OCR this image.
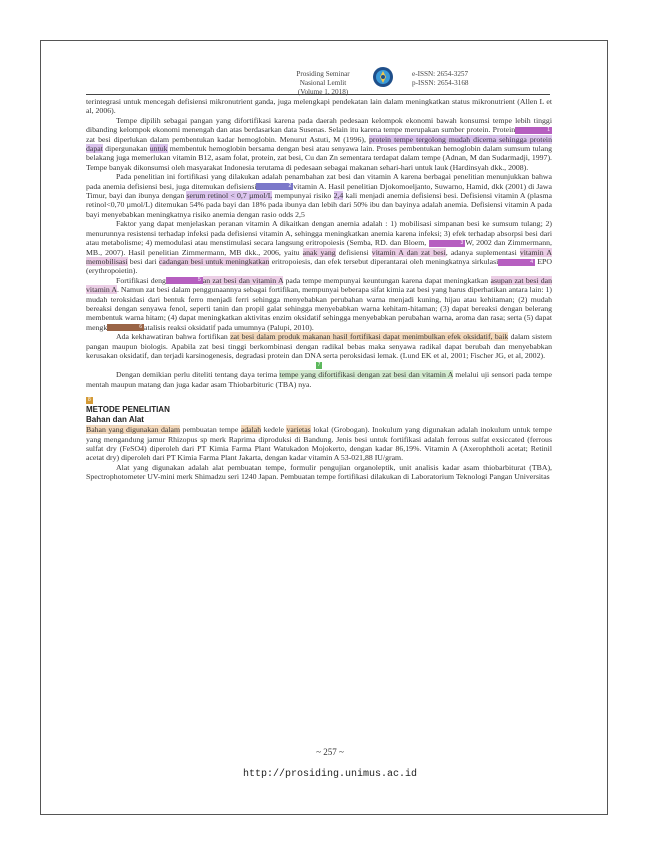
Prosiding Seminar Nasional Lemlit
(Volume 1, 2018)
e-ISSN: 2654-3257
p-ISSN: 2654-3168

terintegrasi untuk mencegah defisiensi mikronutrient ganda, juga melengkapi pendekatan lain dalam meningkatkan status mikronutrient (Allen L et al, 2006).

Tempe dipilih sebagai pangan yang difortifikasi karena pada daerah pedesaan kelompok ekonomi bawah konsumsi tempe lebih tinggi dibanding kelompok ekonomi menengah dan atas berdasarkan data Susenas. Selain itu karena tempe merupakan sumber protein. Protein	1zat besi diperlukan dalam pembentukan kadar hemoglobin. Menurut Astuti, M (1996), protein tempe tergolong mudah dicerna sehingga protein dapat dipergunakan untuk membentuk hemoglobin bersama dengan besi atau senyawa lain. Proses pembentukan hemoglobin dalam sumsum tulang belakang juga memerlukan vitamin B12, asam folat, protein, zat besi, Cu dan Zn sementara terdapat dalam tempe (Adnan, M dan Sudarmadji, 1997). Tempe banyak dikonsumsi oleh masyarakat Indonesia terutama di pedesaan sebagai makanan sehari-hari untuk lauk (Hardinsyah dkk., 2008).

Pada penelitian ini fortifikasi yang dilakukan adalah penambahan zat besi dan vitamin A karena berbagai penelitian menunjukkan bahwa pada anemia defisiensi besi, juga ditemukan defisiensi	2 vitamin A. Hasil penelitian Djokomoeljanto, Suwarno, Hamid, dkk (2001) di Jawa Timur, bayi dan ibunya dengan serum retinol < 0,7 µmol/L mempunyai risiko 2,4 kali menjadi anemia defisiensi besi. Defisiensi vitamin A (plasma retinol<0,70 µmol/L) ditemukan 54% pada bayi dan 18% pada ibunya dan lebih dari 50% ibu dan bayinya adalah anemia. Defisiensi vitamin A pada bayi menyebabkan meningkatnya risiko anemia dengan rasio odds 2,5

Faktor yang dapat menjelaskan peranan vitamin A dikaitkan dengan anemia adalah : 1) mobilisasi simpanan besi ke sumsum tulang; 2) menurunnya resistensi terhadap infeksi pada defisiensi vitamin A, sehingga meningkatkan anemia karena infeksi; 3) efek terhadap absorpsi besi dari atau metabolisme; 4) memodulasi atau menstimulasi secara langsung eritropoiesis (Semba, RD. dan Bloem,	3 W, 2002 dan Zimmermann, MB., 2007). Hasil penelitian Zimmermann, MB dkk., 2006, yaitu anak yang defisiensi vitamin A dan zat besi, adanya suplementasi vitamin A memobilisasi besi dari cadangan besi untuk meningkatkan eritropoiesis, dan efek tersebut diperantarai oleh meningkatnya sirkulasi	4 EPO (erythropoietin).

Fortifikasi deng	5 an zat besi dan vitamin A pada tempe mempunyai keuntungan karena dapat meningkatkan asupan zat besi dan vitamin A. Namun zat besi dalam penggunaannya sebagai fortifikan, mempunyai beberapa sifat kimia zat besi yang harus diperhatikan antara lain: 1) mudah teroksidasi dari bentuk ferro menjadi ferri sehingga menyebabkan perubahan warna menjadi kuning, hijau atau kehitaman; (2) mudah bereaksi dengan senyawa fenol, seperti tanin dan propil galat sehingga menyebabkan warna kehitam-hitaman; (3) dapat bereaksi dengan belerang membentuk warna hitam; (4) dapat meningkatkan aktivitas enzim oksidatif sehingga menyebabkan perubahan warna, aroma dan rasa; serta (5) dapat mengk	6 atalisis reaksi oksidatif pada umumnya (Palupi, 2010).

Ada kekhawatiran bahwa fortifikan zat besi dalam produk makanan hasil fortifikasi dapat menimbulkan efek oksidatif, baik dalam sistem pangan maupun biologis. Apabila zat besi tinggi berkombinasi dengan radikal bebas maka senyawa radikal dapat berubah dan menyebabkan kerusakan oksidatif, dan terjadi karsinogenesis, degradasi protein dan DNA serta peroksidasi lemak. (Lund EK et al, 2001; Fischer JG, et al, 2002).

7

Dengan demikian perlu diteliti tentang daya terima tempe yang difortifikasi dengan zat besi dan vitamin A melalui uji sensori pada tempe mentah maupun matang dan juga kadar asam Thiobarbituric (TBA) nya.

8

METODE PENELITIAN

Bahan dan Alat

Bahan yang digunakan dalam pembuatan tempe adalah kedele varietas lokal (Grobogan). Inokulum yang digunakan adalah inokulum untuk tempe yang mengandung jamur Rhizopus sp merk Raprima diproduksi di Bandung. Jenis besi untuk fortifikasi adalah ferrous sulfat exsiccated (ferrous sulfat dry (FeSO4) diperoleh dari PT Kimia Farma Plant Watukadon Mojokerto, dengan kadar 86,19%. Vitamin A (Axerophtholi acetat; Retinil acetat dry) diperoleh dari PT Kimia Farma Plant Jakarta, dengan kadar vitamin A 53-021,88 IU/gram.

Alat yang digunakan adalah alat pembuatan tempe, formulir pengujian organoleptik, unit analisis kadar asam thiobarbiturat (TBA), Spectrophotometer UV-mini merk Shimadzu seri 1240 Japan. Pembuatan tempe fortifikasi dilakukan di Laboratorium Teknologi Pangan Universitas

~ 257 ~
http://prosiding.unimus.ac.id
